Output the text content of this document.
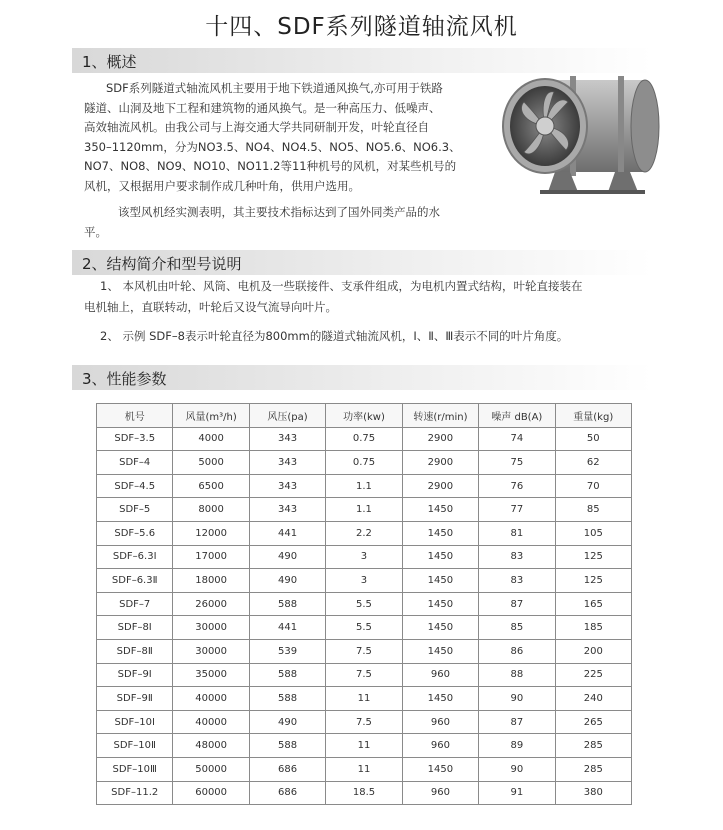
十四、SDF系列隧道轴流风机
1、概述
SDF系列隧道式轴流风机主要用于地下铁道通风换气,亦可用于铁路
隧道、山洞及地下工程和建筑物的通风换气。是一种高压力、低噪声、
高效轴流风机。由我公司与上海交通大学共同研制开发，叶轮直径自
350–1120mm，分为NO3.5、NO4、NO4.5、NO5、NO5.6、NO6.3、
NO7、NO8、NO9、NO10、NO11.2等11种机号的风机，对某些机号的
风机，又根据用户要求制作成几种叶角，供用户选用。
该型风机经实测表明，其主要技术指标达到了国外同类产品的水
平。
2、结构简介和型号说明
1、 本风机由叶轮、风筒、电机及一些联接件、支承件组成，为电机内置式结构，叶轮直接装在
电机轴上，直联转动，叶轮后又设气流导向叶片。
2、 示例 SDF–8表示叶轮直径为800mm的隧道式轴流风机，Ⅰ、Ⅱ、Ⅲ表示不同的叶片角度。
3、性能参数
机号	风量(m³/h)	风压(pa)	功率(kw)	转速(r/min)	噪声 dB(A)	重量(kg)
SDF–3.5	4000	343	0.75	2900	74	50
SDF–4	5000	343	0.75	2900	75	62
SDF–4.5	6500	343	1.1	2900	76	70
SDF–5	8000	343	1.1	1450	77	85
SDF–5.6	12000	441	2.2	1450	81	105
SDF–6.3Ⅰ	17000	490	3	1450	83	125
SDF–6.3Ⅱ	18000	490	3	1450	83	125
SDF–7	26000	588	5.5	1450	87	165
SDF–8Ⅰ	30000	441	5.5	1450	85	185
SDF–8Ⅱ	30000	539	7.5	1450	86	200
SDF–9Ⅰ	35000	588	7.5	960	88	225
SDF–9Ⅱ	40000	588	11	1450	90	240
SDF–10Ⅰ	40000	490	7.5	960	87	265
SDF–10Ⅱ	48000	588	11	960	89	285
SDF–10Ⅲ	50000	686	11	1450	90	285
SDF–11.2	60000	686	18.5	960	91	380
